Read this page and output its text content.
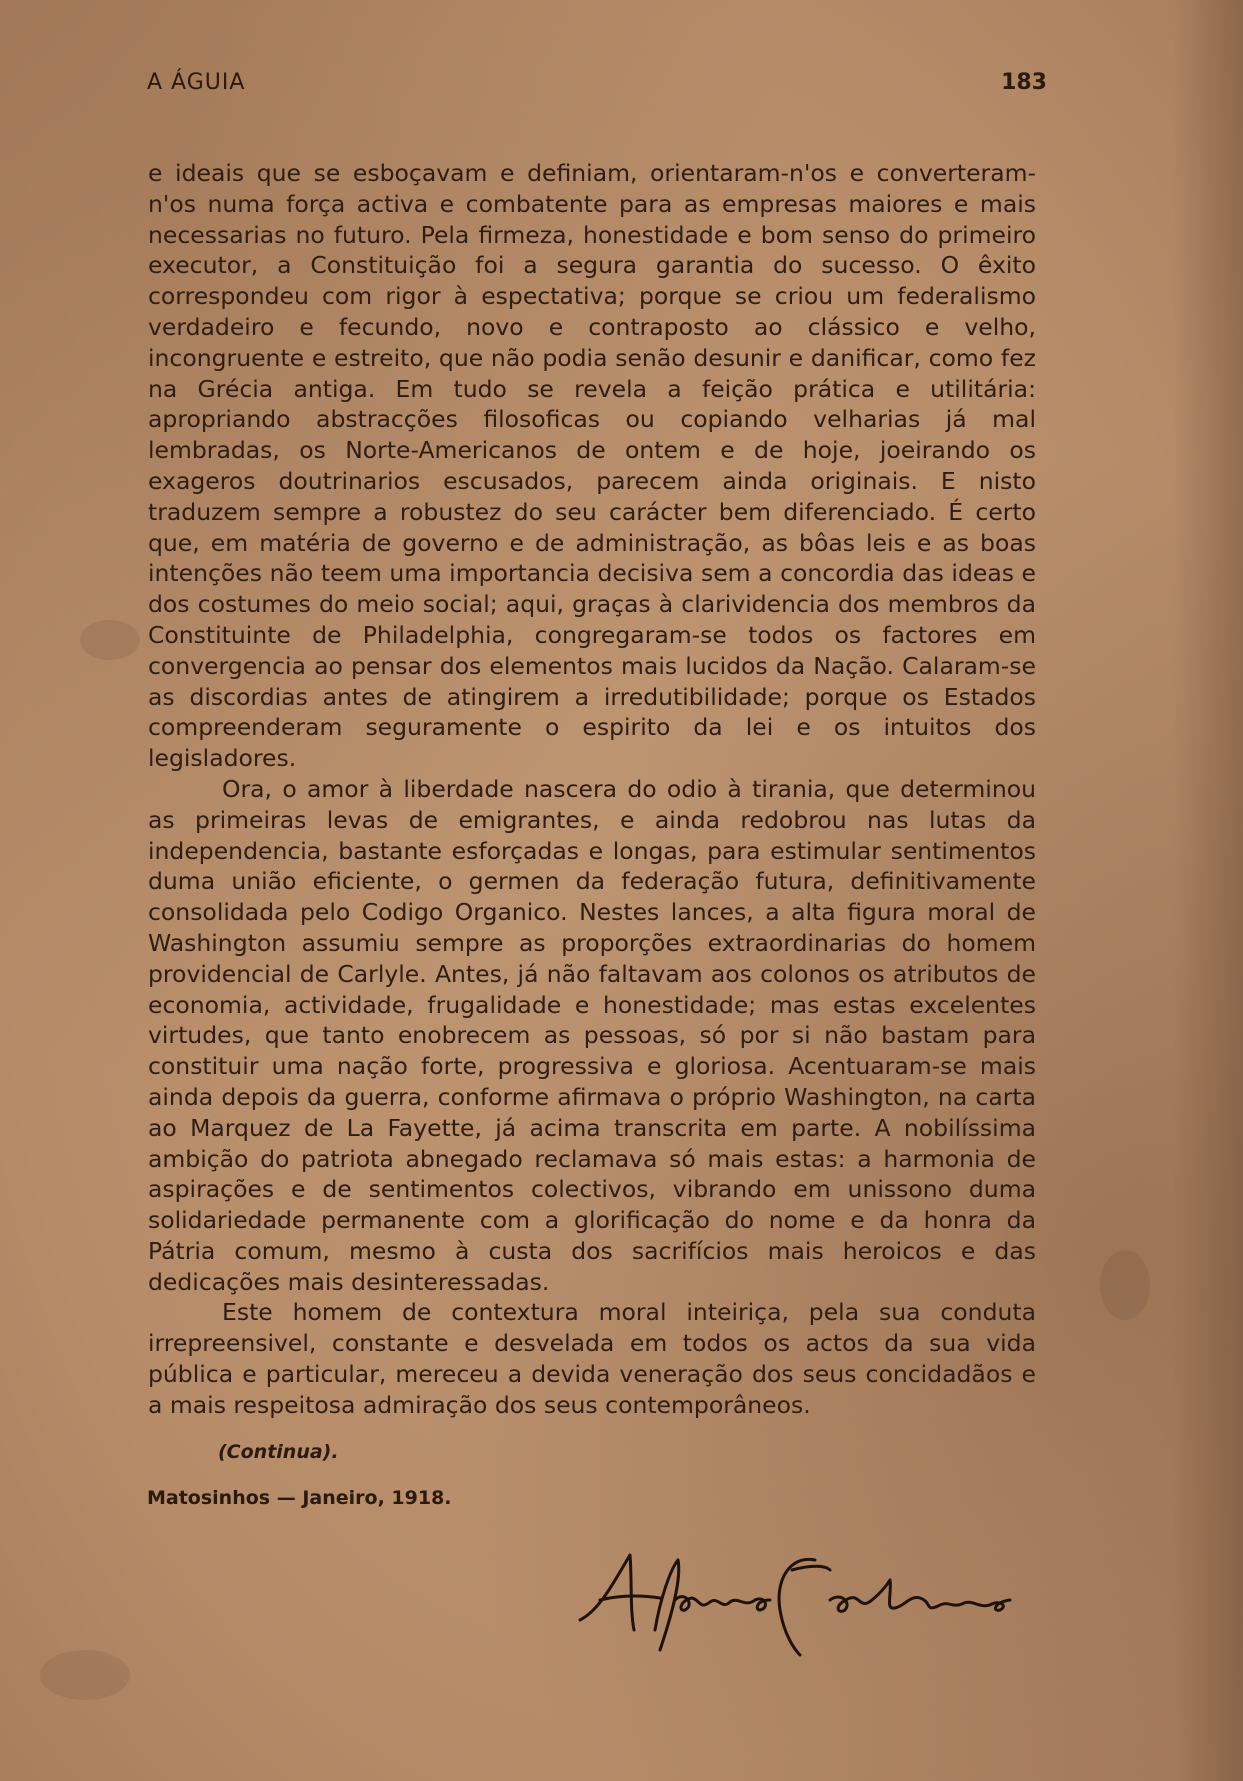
A ÁGUIA	183

e ideais que se esboçavam e definiam, orientaram-n'os e converteram-n'os numa força activa e combatente para as empresas maiores e mais necessarias no futuro. Pela firmeza, honestidade e bom senso do primeiro executor, a Constituição foi a segura garantia do sucesso. O êxito correspondeu com rigor à espectativa; porque se criou um federalismo verdadeiro e fecundo, novo e contraposto ao clássico e velho, incongruente e estreito, que não podia senão desunir e danificar, como fez na Grécia antiga. Em tudo se revela a feição prática e utilitária: apropriando abstracções filosoficas ou copiando velharias já mal lembradas, os Norte-Americanos de ontem e de hoje, joeirando os exageros doutrinarios escusados, parecem ainda originais. E nisto traduzem sempre a robustez do seu carácter bem diferenciado. É certo que, em matéria de governo e de administração, as bôas leis e as boas intenções não teem uma importancia decisiva sem a concordia das ideas e dos costumes do meio social; aqui, graças à clarividencia dos membros da Constituinte de Philadelphia, congregaram-se todos os factores em convergencia ao pensar dos elementos mais lucidos da Nação. Calaram-se as discordias antes de atingirem a irredutibilidade; porque os Estados compreenderam seguramente o espirito da lei e os intuitos dos legisladores.

Ora, o amor à liberdade nascera do odio à tirania, que determinou as primeiras levas de emigrantes, e ainda redobrou nas lutas da independencia, bastante esforçadas e longas, para estimular sentimentos duma união eficiente, o germen da federação futura, definitivamente consolidada pelo Codigo Organico. Nestes lances, a alta figura moral de Washington assumiu sempre as proporções extraordinarias do homem providencial de Carlyle. Antes, já não faltavam aos colonos os atributos de economia, actividade, frugalidade e honestidade; mas estas excelentes virtudes, que tanto enobrecem as pessoas, só por si não bastam para constituir uma nação forte, progressiva e gloriosa. Acentuaram-se mais ainda depois da guerra, conforme afirmava o próprio Washington, na carta ao Marquez de La Fayette, já acima transcrita em parte. A nobilíssima ambição do patriota abnegado reclamava só mais estas: a harmonia de aspirações e de sentimentos colectivos, vibrando em unissono duma solidariedade permanente com a glorificação do nome e da honra da Pátria comum, mesmo à custa dos sacrifícios mais heroicos e das dedicações mais desinteressadas.

Este homem de contextura moral inteiriça, pela sua conduta irrepreensivel, constante e desvelada em todos os actos da sua vida pública e particular, mereceu a devida veneração dos seus concidadãos e a mais respeitosa admiração dos seus contemporâneos.

(Continua).
Matosinhos — Janeiro, 1918.
